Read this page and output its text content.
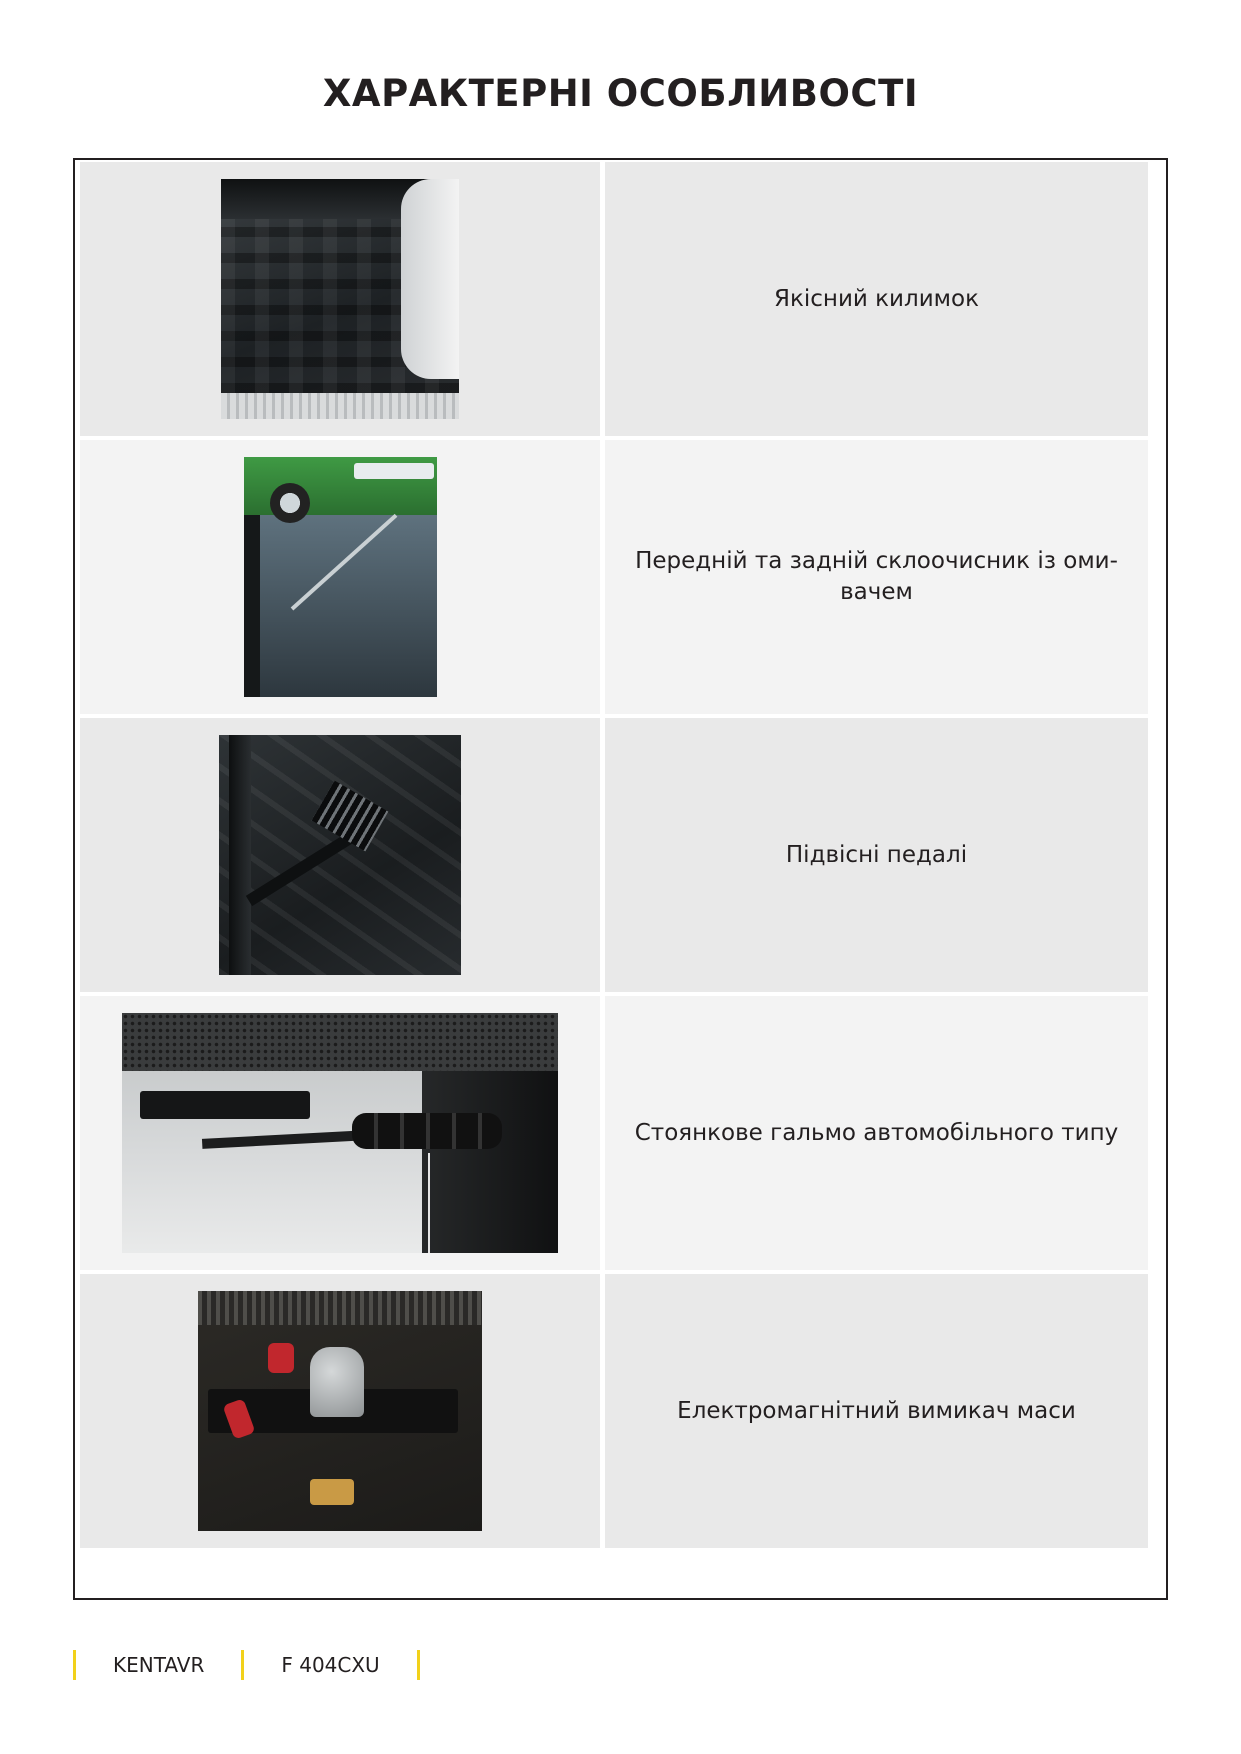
ХАРАКТЕРНІ ОСОБЛИВОСТІ
Якісний килимок
Передній та задній склоочисник із оми-вачем
Підвісні педалі
Стоянкове гальмо автомобільного типу
Електромагнітний вимикач маси
KENTAVR	F 404CXU
